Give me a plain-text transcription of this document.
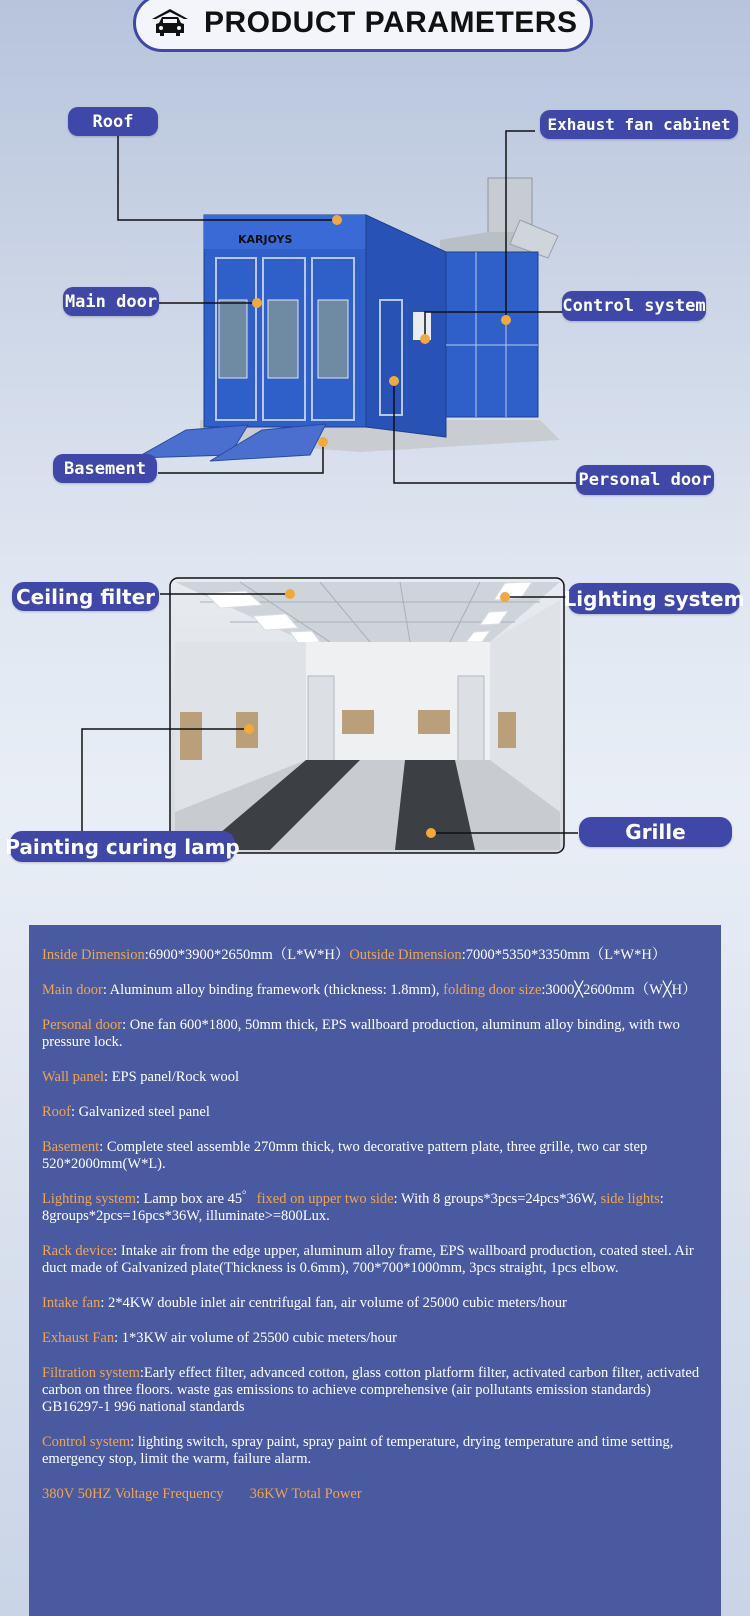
PRODUCT PARAMETERS
KARJOYS
Roof	Exhaust fan cabinet
Main door	Control system
Basement
Personal door
Ceiling filter	Lighting system
Painting curing lamp
Grille

Inside Dimension:6900*3900*2650mm（L*W*H）Outside Dimension:7000*5350*3350mm（L*W*H）

Main door: Aluminum alloy binding framework (thickness: 1.8mm), folding door size:3000╳2600mm（W╳H）

Personal door: One fan 600*1800, 50mm thick, EPS wallboard production, aluminum alloy binding, with two pressure lock.

Wall panel: EPS panel/Rock wool

Roof: Galvanized steel panel

Basement: Complete steel assemble 270mm thick, two decorative pattern plate, three grille, two car step 520*2000mm(W*L).

Lighting system: Lamp box are 45゜fixed on upper two side: With 8 groups*3pcs=24pcs*36W, side lights: 8groups*2pcs=16pcs*36W, illuminate>=800Lux.

Rack device: Intake air from the edge upper, aluminum alloy frame, EPS wallboard production, coated steel. Air duct made of Galvanized plate(Thickness is 0.6mm), 700*700*1000mm, 3pcs straight, 1pcs elbow.

Intake fan: 2*4KW double inlet air centrifugal fan, air volume of 25000 cubic meters/hour

Exhaust Fan: 1*3KW air volume of 25500 cubic meters/hour

Filtration system:Early effect filter, advanced cotton, glass cotton platform filter, activated carbon filter, activated carbon on three floors. waste gas emissions to achieve comprehensive (air pollutants emission standards) GB16297-1 996 national standards

Control system: lighting switch, spray paint, spray paint of temperature, drying temperature and time setting, emergency stop, limit the warm, failure alarm.

380V 50HZ Voltage Frequency 36KW Total Power
